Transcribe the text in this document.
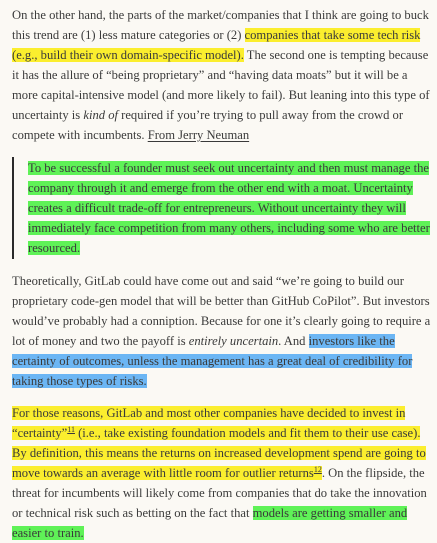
On the other hand, the parts of the market/companies that I think are going to buck this trend are (1) less mature categories or (2) companies that take some tech risk (e.g., build their own domain-specific model). The second one is tempting because it has the allure of “being proprietary” and “having data moats” but it will be a more capital-intensive model (and more likely to fail). But leaning into this type of uncertainty is kind of required if you’re trying to pull away from the crowd or compete with incumbents. From Jerry Neuman

To be successful a founder must seek out uncertainty and then must manage the company through it and emerge from the other end with a moat. Uncertainty creates a difficult trade-off for entrepreneurs. Without uncertainty they will immediately face competition from many others, including some who are better resourced.

Theoretically, GitLab could have come out and said “we’re going to build our proprietary code-gen model that will be better than GitHub CoPilot”. But investors would’ve probably had a conniption. Because for one it’s clearly going to require a lot of money and two the payoff is entirely uncertain. And investors like the certainty of outcomes, unless the management has a great deal of credibility for taking those types of risks.

For those reasons, GitLab and most other companies have decided to invest in “certainty”$^{11}$ (i.e., take existing foundation models and fit them to their use case). By definition, this means the returns on increased development spend are going to move towards an average with little room for outlier returns$^{12}$. On the flipside, the threat for incumbents will likely come from companies that do take the innovation or technical risk such as betting on the fact that models are getting smaller and easier to train.
